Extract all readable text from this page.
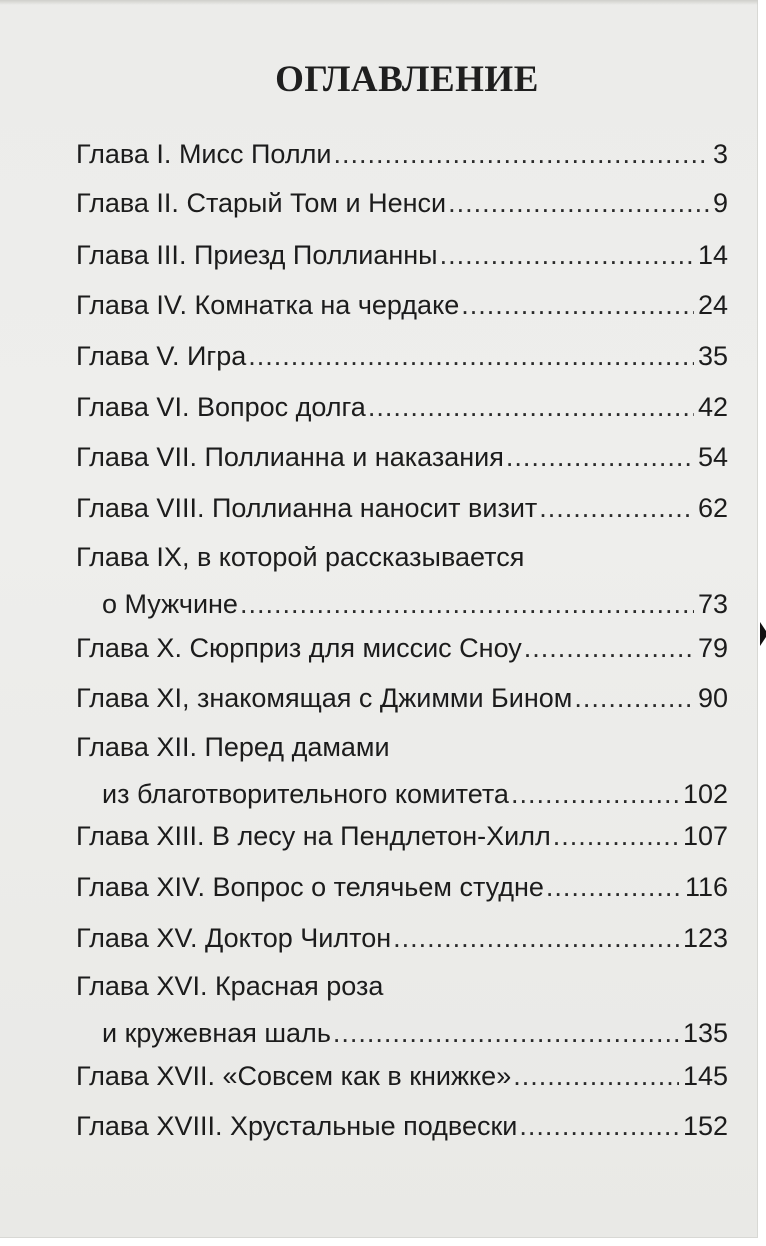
ОГЛАВЛЕНИЕ
Глава I. Мисс Полли .....	3
Глава II. Старый Том и Ненси .....	9
Глава III. Приезд Поллианны .....	14
Глава IV. Комнатка на чердаке .....	24
Глава V. Игра .....	35
Глава VI. Вопрос долга .....	42
Глава VII. Поллианна и наказания .....	54
Глава VIII. Поллианна наносит визит .....	62
Глава IX, в которой рассказывается
о Мужчине .....	73
Глава X. Сюрприз для миссис Сноу .....	79
Глава XI, знакомящая с Джимми Бином .....	90
Глава XII. Перед дамами
из благотворительного комитета .....	102
Глава XIII. В лесу на Пендлетон-Хилл .....	107
Глава XIV. Вопрос о телячьем студне .....	116
Глава XV. Доктор Чилтон .....	123
Глава XVI. Красная роза
и кружевная шаль .....	135
Глава XVII. «Совсем как в книжке» .....	145
Глава XVIII. Хрустальные подвески .....	152
